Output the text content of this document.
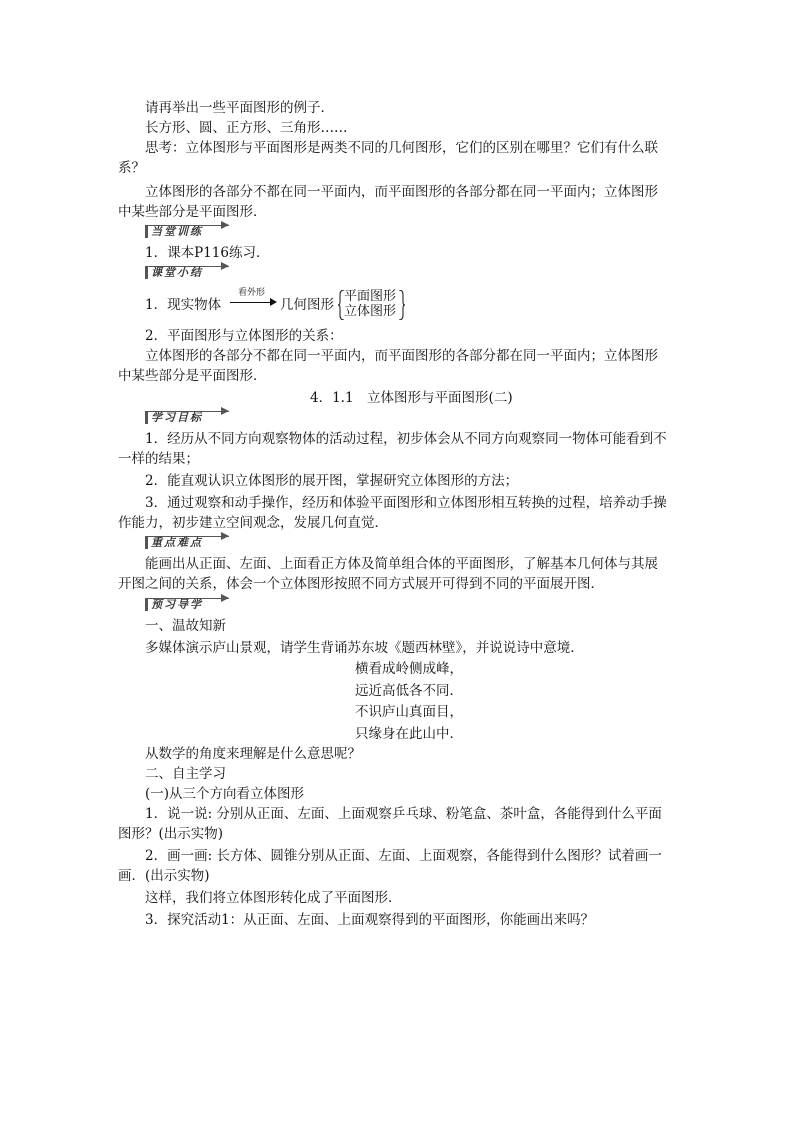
请再举出一些平面图形的例子．
长方形、圆、正方形、三角形……
思考：立体图形与平面图形是两类不同的几何图形，它们的区别在哪里？它们有什么联
系？
立体图形的各部分不都在同一平面内，而平面图形的各部分都在同一平面内；立体图形
中某些部分是平面图形．
当堂训练
1．课本P116练习．
课堂小结
1．现实物体
看外形
几何图形
平面图形
立体图形
2．平面图形与立体图形的关系：
立体图形的各部分不都在同一平面内，而平面图形的各部分都在同一平面内；立体图形
中某些部分是平面图形．
4．1.1　立体图形与平面图形(二)
学习目标
1．经历从不同方向观察物体的活动过程，初步体会从不同方向观察同一物体可能看到不
一样的结果；
2．能直观认识立体图形的展开图，掌握研究立体图形的方法；
3．通过观察和动手操作，经历和体验平面图形和立体图形相互转换的过程，培养动手操
作能力，初步建立空间观念，发展几何直觉．
重点难点
能画出从正面、左面、上面看正方体及简单组合体的平面图形，了解基本几何体与其展
开图之间的关系，体会一个立体图形按照不同方式展开可得到不同的平面展开图．
预习导学
一、温故知新
多媒体演示庐山景观，请学生背诵苏东坡《题西林壁》，并说说诗中意境．
横看成岭侧成峰，
远近高低各不同．
不识庐山真面目，
只缘身在此山中．
从数学的角度来理解是什么意思呢？
二、自主学习
(一)从三个方向看立体图形
1．说一说: 分别从正面、左面、上面观察乒乓球、粉笔盒、茶叶盒，各能得到什么平面
图形？(出示实物)
2．画一画: 长方体、圆锥分别从正面、左面、上面观察，各能得到什么图形？试着画一
画．(出示实物)
这样，我们将立体图形转化成了平面图形．
3．探究活动1：从正面、左面、上面观察得到的平面图形，你能画出来吗？
